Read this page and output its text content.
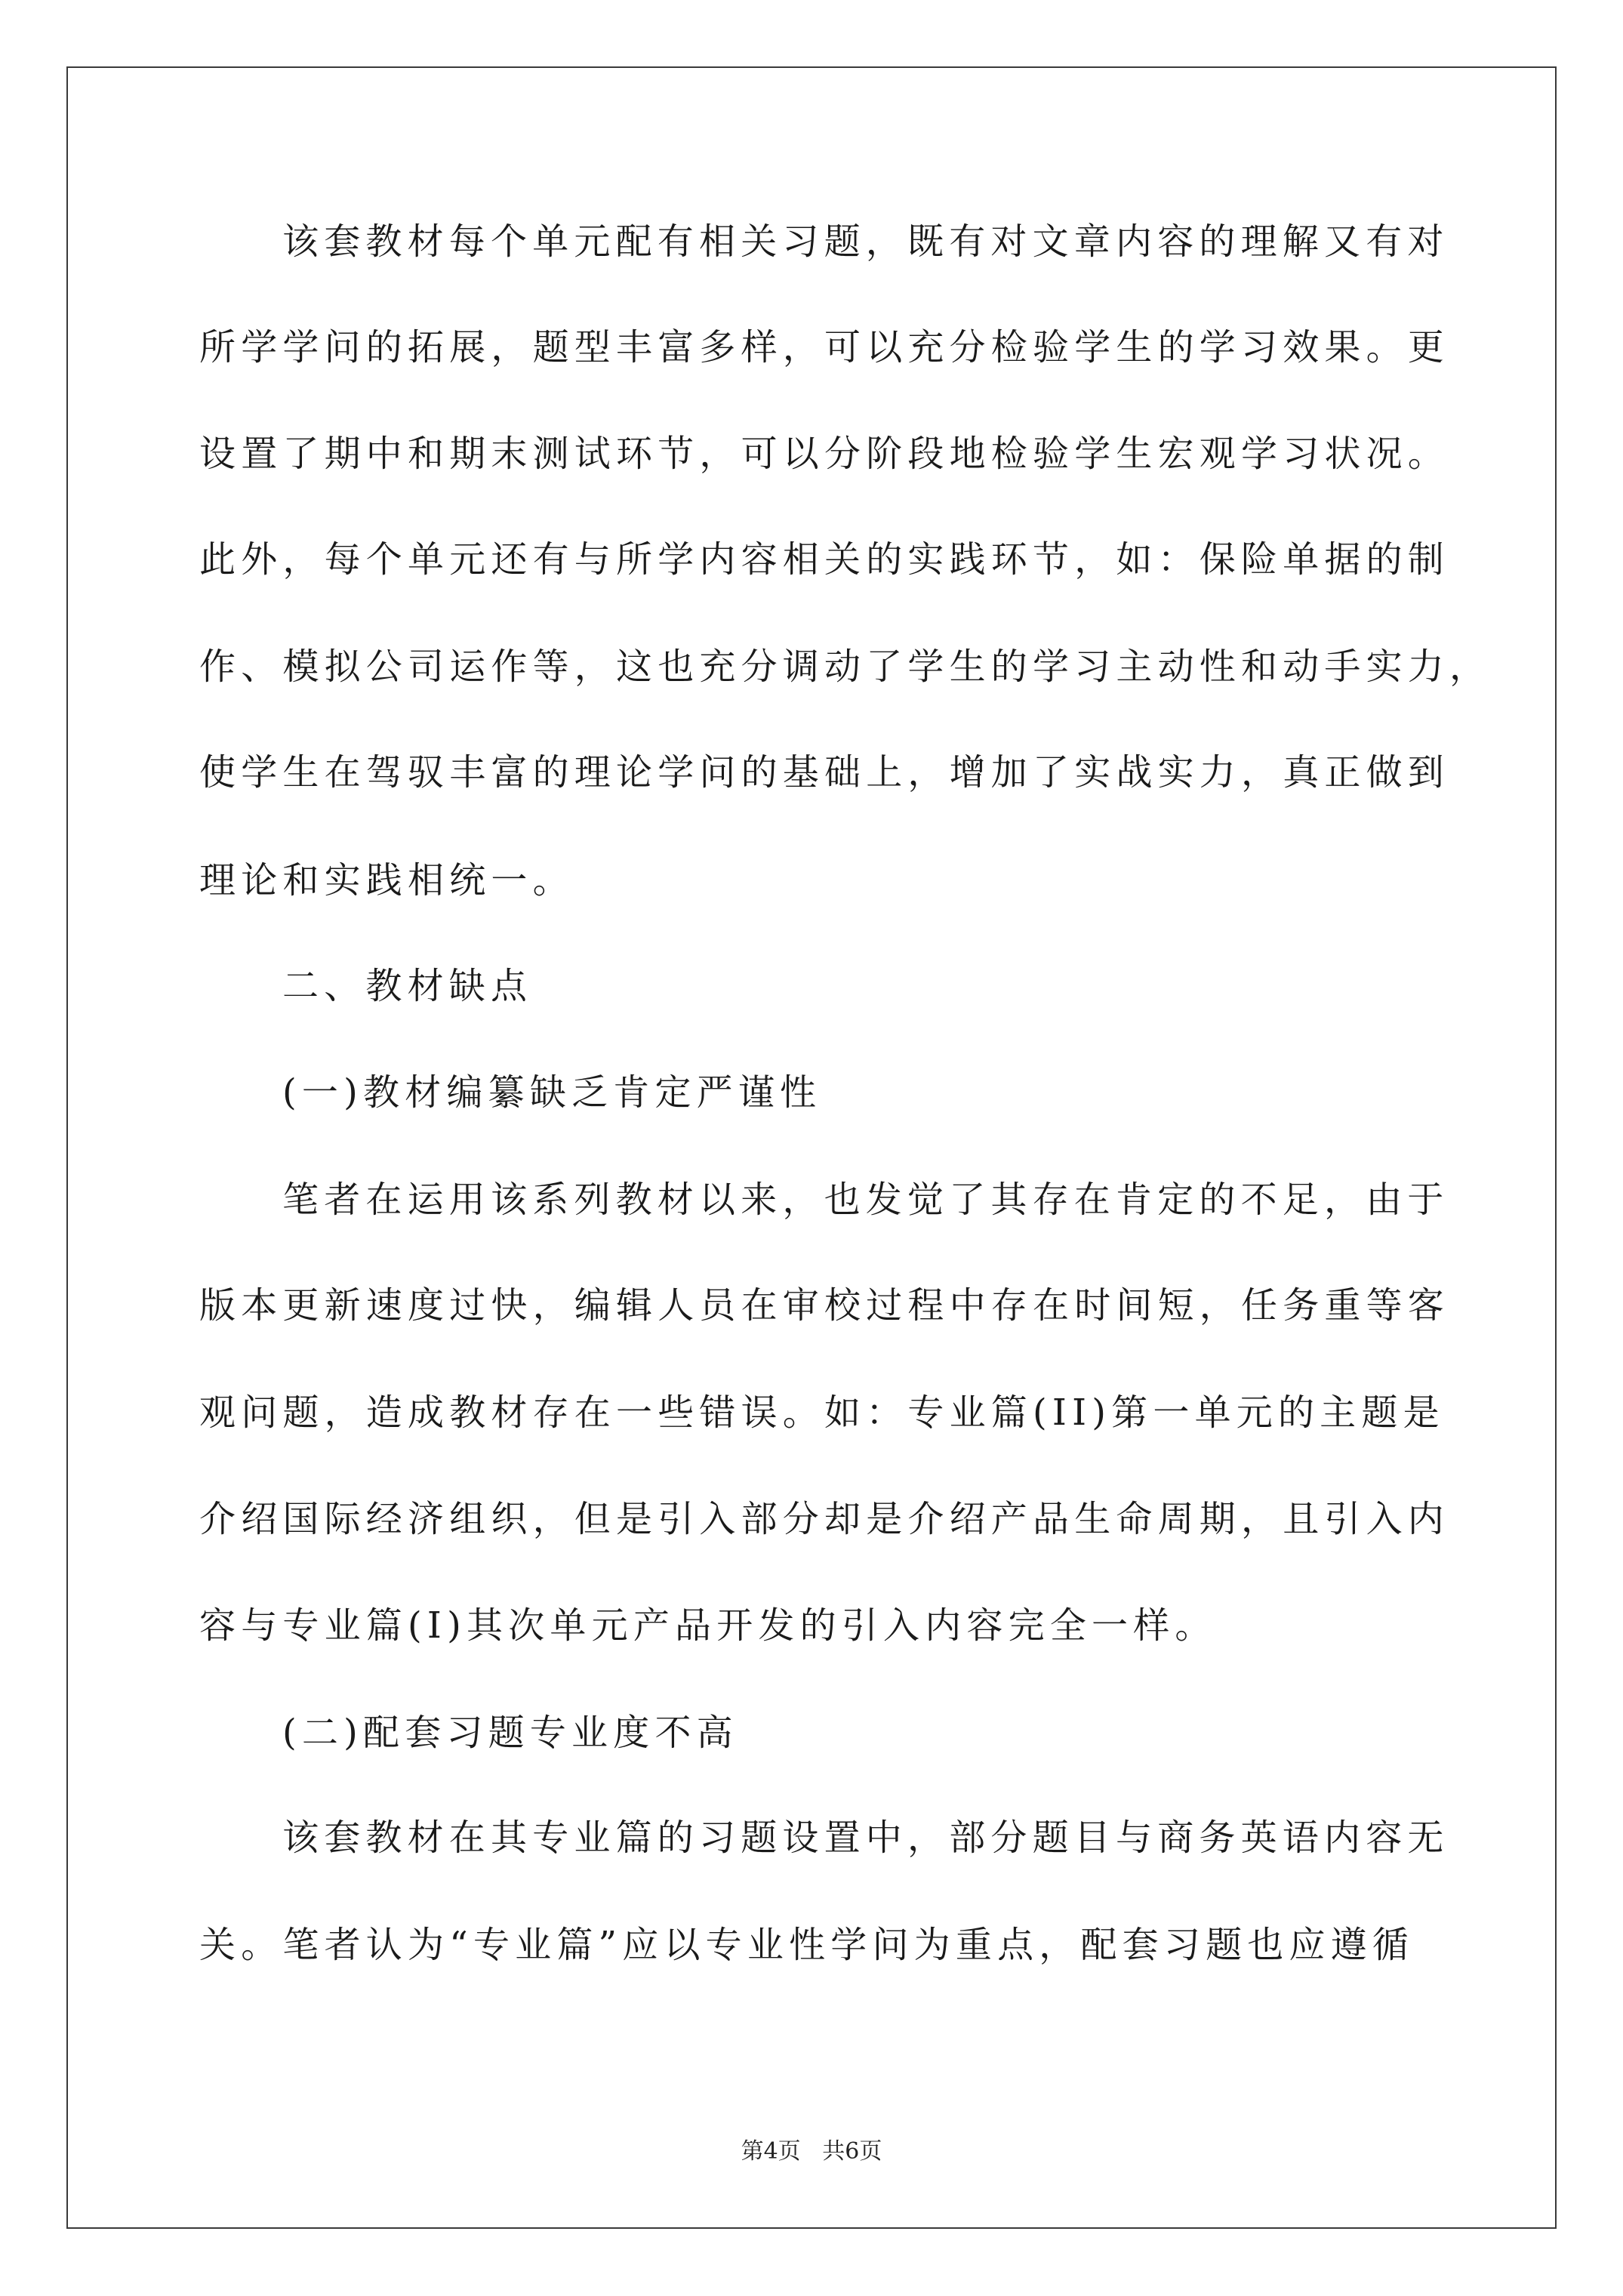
该套教材每个单元配有相关习题，既有对文章内容的理解又有对
所学学问的拓展，题型丰富多样，可以充分检验学生的学习效果。更
设置了期中和期末测试环节，可以分阶段地检验学生宏观学习状况。
此外，每个单元还有与所学内容相关的实践环节，如：保险单据的制
作、模拟公司运作等，这也充分调动了学生的学习主动性和动手实力，
使学生在驾驭丰富的理论学问的基础上，增加了实战实力，真正做到
理论和实践相统一。
二、教材缺点
(一)教材编纂缺乏肯定严谨性
笔者在运用该系列教材以来，也发觉了其存在肯定的不足，由于
版本更新速度过快，编辑人员在审校过程中存在时间短，任务重等客
观问题，造成教材存在一些错误。如：专业篇(II)第一单元的主题是
介绍国际经济组织，但是引入部分却是介绍产品生命周期，且引入内
容与专业篇(I)其次单元产品开发的引入内容完全一样。
(二)配套习题专业度不高
该套教材在其专业篇的习题设置中，部分题目与商务英语内容无
关。笔者认为“专业篇”应以专业性学问为重点，配套习题也应遵循
第4页   共6页
